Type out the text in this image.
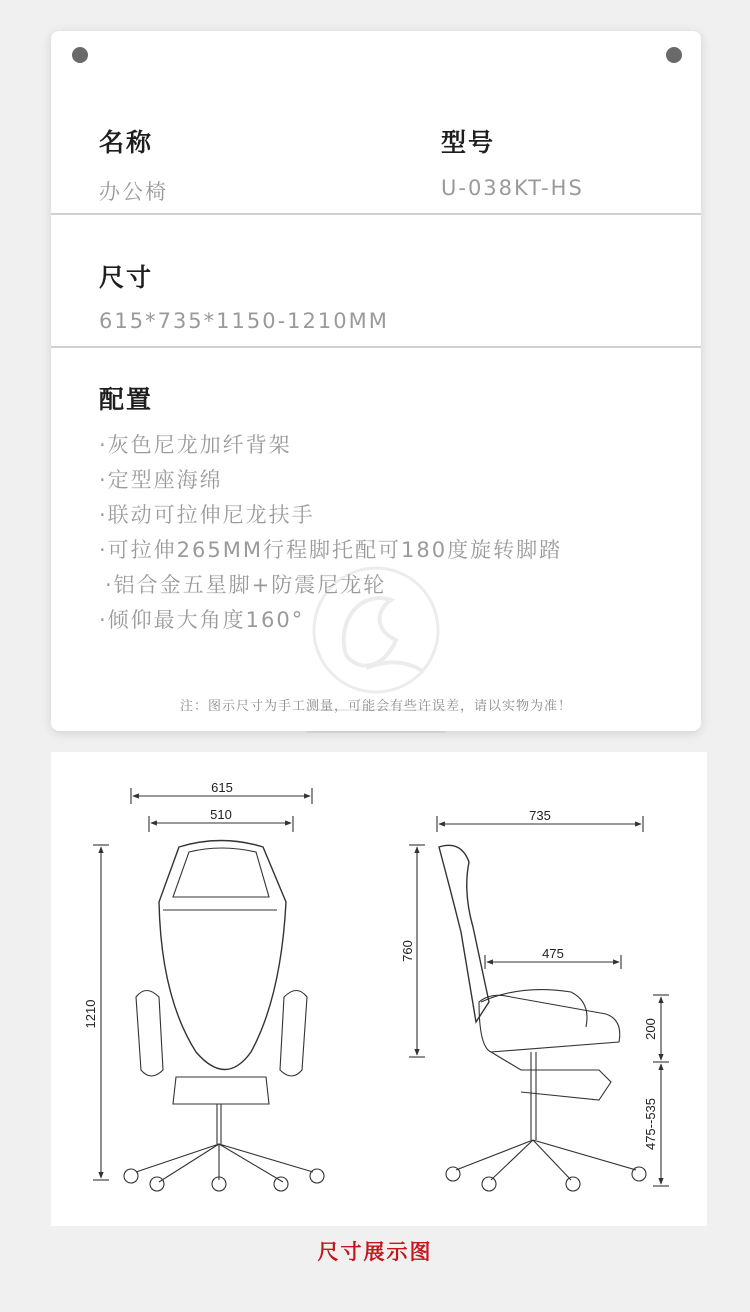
名称
办公椅
型号
U-038KT-HS
尺寸
615*735*1150-1210MM
配置
·灰色尼龙加纤背架
·定型座海绵
·联动可拉伸尼龙扶手
·可拉伸265MM行程脚托配可180度旋转脚踏
·铝合金五星脚+防震尼龙轮
·倾仰最大角度160°
注：图示尺寸为手工测量，可能会有些许误差，请以实物为准！
615
510
1210
735
475
760
200
475--535
尺寸展示图
